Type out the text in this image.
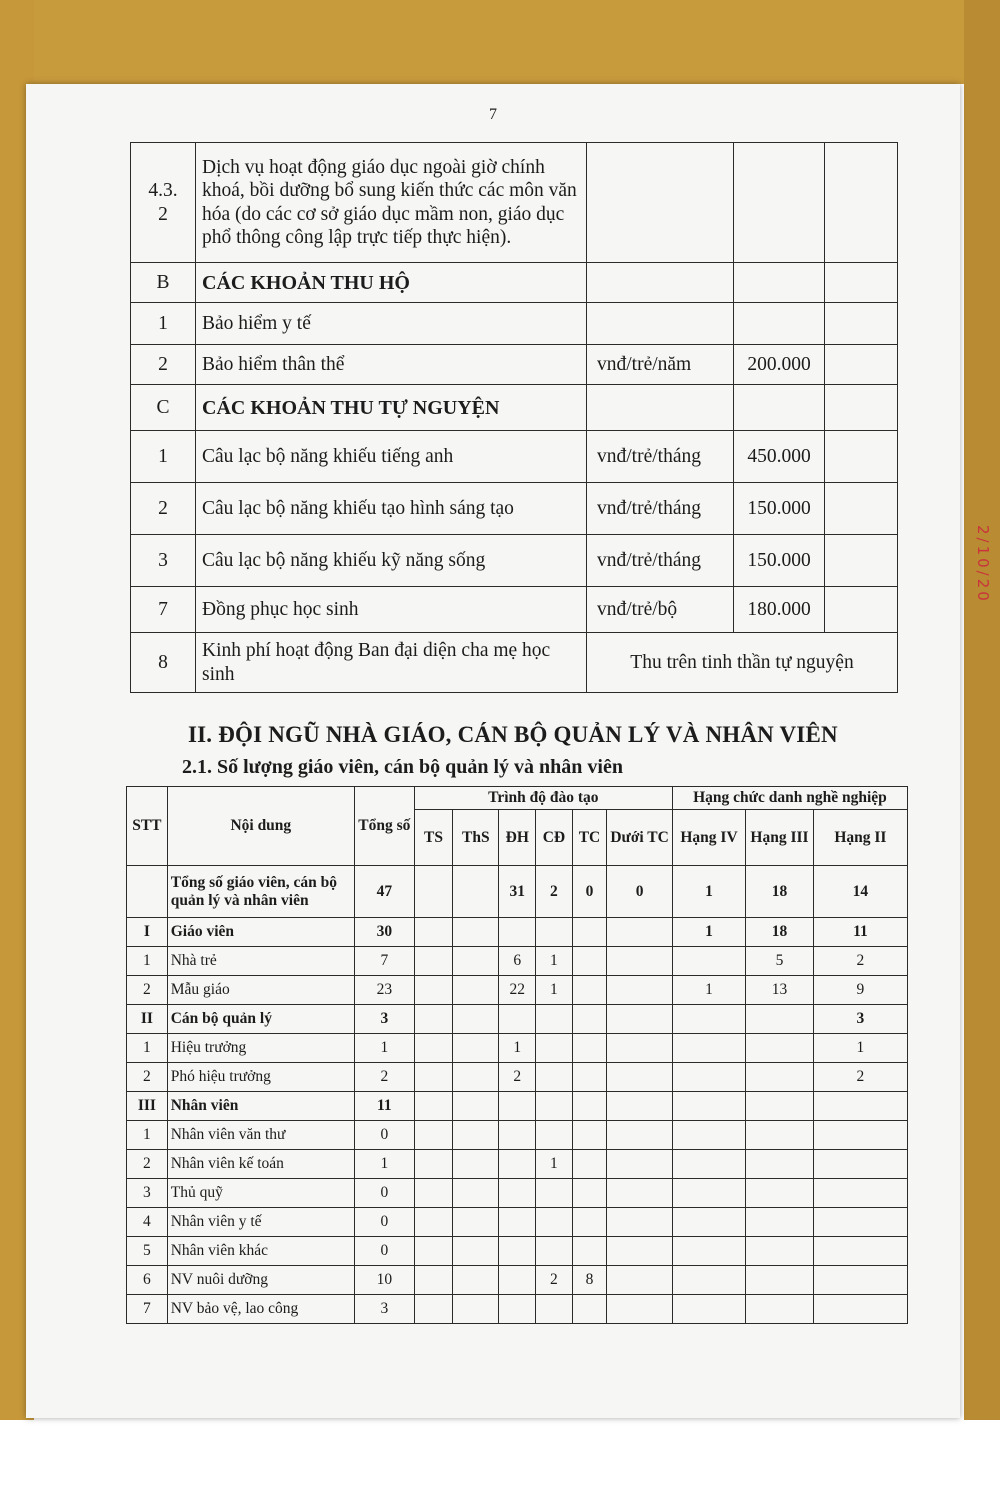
7
4.3.
2	Dịch vụ hoạt động giáo dục ngoài giờ chính khoá, bồi dưỡng bổ sung kiến thức các môn văn hóa (do các cơ sở giáo dục mầm non, giáo dục phổ thông công lập trực tiếp thực hiện).			
B	CÁC KHOẢN THU HỘ			
1	Bảo hiểm y tế			
2	Bảo hiểm thân thể	vnđ/trẻ/năm	200.000	
C	CÁC KHOẢN THU TỰ NGUYỆN			
1	Câu lạc bộ năng khiếu tiếng anh	vnđ/trẻ/tháng	450.000	
2	Câu lạc bộ năng khiếu tạo hình sáng tạo	vnđ/trẻ/tháng	150.000	
3	Câu lạc bộ năng khiếu kỹ năng sống	vnđ/trẻ/tháng	150.000	
7	Đồng phục học sinh	vnđ/trẻ/bộ	180.000	
8	Kinh phí hoạt động Ban đại diện cha mẹ học sinh	Thu trên tinh thần tự nguyện		
II. ĐỘI NGŨ NHÀ GIÁO, CÁN BỘ QUẢN LÝ VÀ NHÂN VIÊN
2.1. Số lượng giáo viên, cán bộ quản lý và nhân viên
STT	Nội dung	Tổng số	Trình độ đào tạo						Hạng chức danh nghề nghiệp		
			TS	ThS	ĐH	CĐ	TC	Dưới TC	Hạng IV	Hạng III	Hạng II
	Tổng số giáo viên, cán bộ quản lý và nhân viên	47			31	2	0	0	1	18	14
I	Giáo viên	30							1	18	11
1	Nhà trẻ	7			6	1				5	2
2	Mẫu giáo	23			22	1			1	13	9
II	Cán bộ quản lý	3									3
1	Hiệu trưởng	1			1						1
2	Phó hiệu trưởng	2			2						2
III	Nhân viên	11									
1	Nhân viên văn thư	0									
2	Nhân viên kế toán	1				1					
3	Thủ quỹ	0									
4	Nhân viên y tế	0									
5	Nhân viên khác	0									
6	NV nuôi dưỡng	10				2	8				
7	NV bảo vệ, lao công	3									
2/10/20
